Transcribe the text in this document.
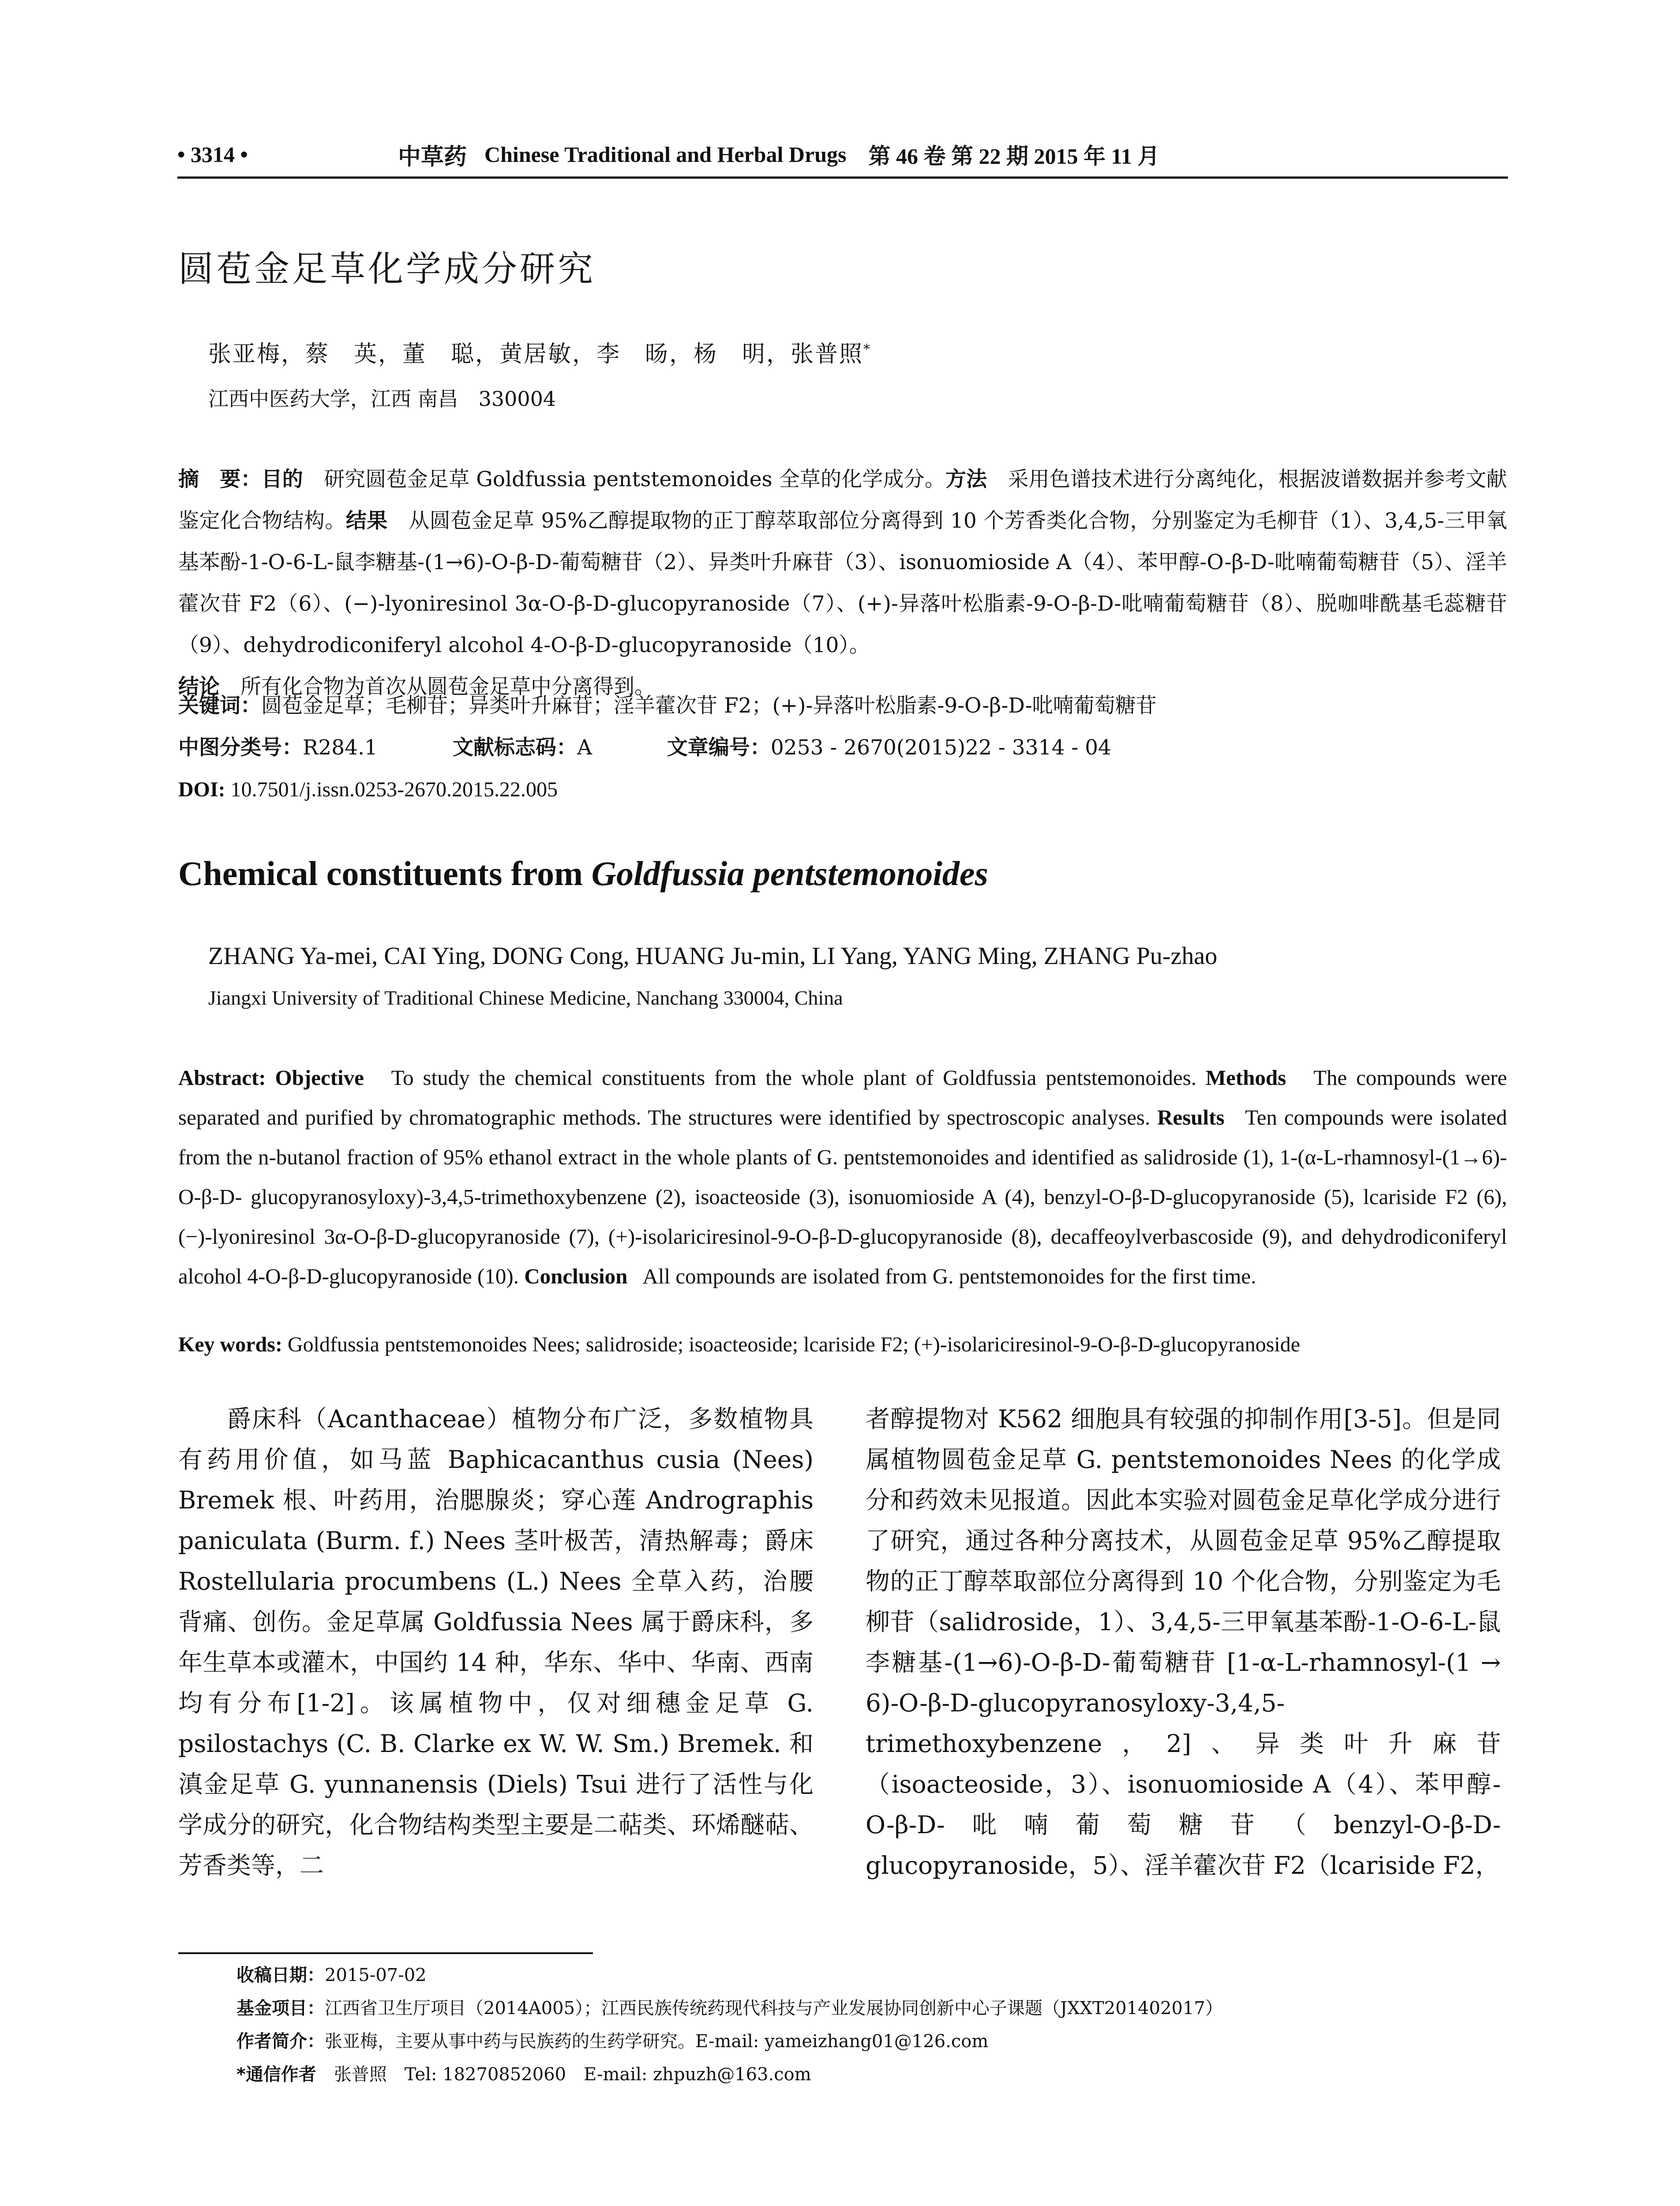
• 3314 •	中草药 Chinese Traditional and Herbal Drugs 第 46 卷 第 22 期 2015 年 11 月
圆苞金足草化学成分研究
张亚梅，蔡　英，董　聪，黄居敏，李　旸，杨　明，张普照*
江西中医药大学，江西 南昌　330004
摘　要：目的　 研究圆苞金足草 Goldfussia pentstemonoides 全草的化学成分。方法　 采用色谱技术进行分离纯化，根据波谱数据并参考文献鉴定化合物结构。结果　 从圆苞金足草 95%乙醇提取物的正丁醇萃取部位分离得到 10 个芳香类化合物，分别鉴定为毛柳苷（1）、3,4,5-三甲氧基苯酚-1-O-6-L-鼠李糖基-(1→6)-O-β-D-葡萄糖苷（2）、异类叶升麻苷（3）、isonuomioside A（4）、苯甲醇-O-β-D-吡喃葡萄糖苷（5）、淫羊藿次苷 F2（6）、(−)-lyoniresinol 3α-O-β-D-glucopyranoside（7）、(+)-异落叶松脂素-9-O-β-D-吡喃葡萄糖苷（8）、脱咖啡酰基毛蕊糖苷（9）、dehydrodiconiferyl alcohol 4-O-β-D-glucopyranoside（10）。
结论　 所有化合物为首次从圆苞金足草中分离得到。
关键词：圆苞金足草；毛柳苷；异类叶升麻苷；淫羊藿次苷 F2；(+)-异落叶松脂素-9-O-β-D-吡喃葡萄糖苷
中图分类号：R284.1	文献标志码：A	文章编号：0253 - 2670(2015)22 - 3314 - 04
DOI: 10.7501/j.issn.0253-2670.2015.22.005
Chemical constituents from Goldfussia pentstemonoides
ZHANG Ya-mei, CAI Ying, DONG Cong, HUANG Ju-min, LI Yang, YANG Ming, ZHANG Pu-zhao
Jiangxi University of Traditional Chinese Medicine, Nanchang 330004, China
Abstract: Objective To study the chemical constituents from the whole plant of Goldfussia pentstemonoides. Methods The compounds were separated and purified by chromatographic methods. The structures were identified by spectroscopic analyses. Results Ten compounds were isolated from the n-butanol fraction of 95% ethanol extract in the whole plants of G. pentstemonoides and identified as salidroside (1), 1-(α-L-rhamnosyl-(1→6)-O-β-D- glucopyranosyloxy)-3,4,5-trimethoxybenzene (2), isoacteoside (3), isonuomioside A (4), benzyl-O-β-D-glucopyranoside (5), lcariside F2 (6), (−)-lyoniresinol 3α-O-β-D-glucopyranoside (7), (+)-isolariciresinol-9-O-β-D-glucopyranoside (8), decaffeoylverbascoside (9), and dehydrodiconiferyl alcohol 4-O-β-D-glucopyranoside (10). Conclusion All compounds are isolated from G. pentstemonoides for the first time.
Key words: Goldfussia pentstemonoides Nees; salidroside; isoacteoside; lcariside F2; (+)-isolariciresinol-9-O-β-D-glucopyranoside
爵床科（Acanthaceae）植物分布广泛，多数植物具有药用价值，如马蓝 Baphicacanthus cusia (Nees) Bremek 根、叶药用，治腮腺炎；穿心莲 Andrographis paniculata (Burm. f.) Nees 茎叶极苦，清热解毒；爵床 Rostellularia procumbens (L.) Nees 全草入药，治腰背痛、创伤。金足草属 Goldfussia Nees 属于爵床科，多年生草本或灌木，中国约 14 种，华东、华中、华南、西南均有分布[1-2]。该属植物中，仅对细穗金足草 G. psilostachys (C. B. Clarke ex W. W. Sm.) Bremek. 和滇金足草 G. yunnanensis (Diels) Tsui 进行了活性与化学成分的研究，化合物结构类型主要是二萜类、环烯醚萜、芳香类等，二
者醇提物对 K562 细胞具有较强的抑制作用[3-5]。但是同属植物圆苞金足草 G. pentstemonoides Nees 的化学成分和药效未见报道。因此本实验对圆苞金足草化学成分进行了研究，通过各种分离技术，从圆苞金足草 95%乙醇提取物的正丁醇萃取部位分离得到 10 个化合物，分别鉴定为毛柳苷（salidroside，1）、3,4,5-三甲氧基苯酚-1-O-6-L-鼠李糖基-(1→6)-O-β-D-葡萄糖苷 [1-α-L-rhamnosyl-(1 → 6)-O-β-D-glucopyranosyloxy-3,4,5-trimethoxybenzene，2]、异类叶升麻苷（isoacteoside，3）、isonuomioside A（4）、苯甲醇-O-β-D-吡喃葡萄糖苷（benzyl-O-β-D-glucopyranoside，5）、淫羊藿次苷 F2（lcariside F2，
收稿日期：2015-07-02
基金项目：江西省卫生厅项目（2014A005）；江西民族传统药现代科技与产业发展协同创新中心子课题（JXXT201402017）
作者简介：张亚梅，主要从事中药与民族药的生药学研究。E-mail: yameizhang01@126.com
*通信作者　 张普照　Tel: 18270852060　E-mail: zhpuzh@163.com
